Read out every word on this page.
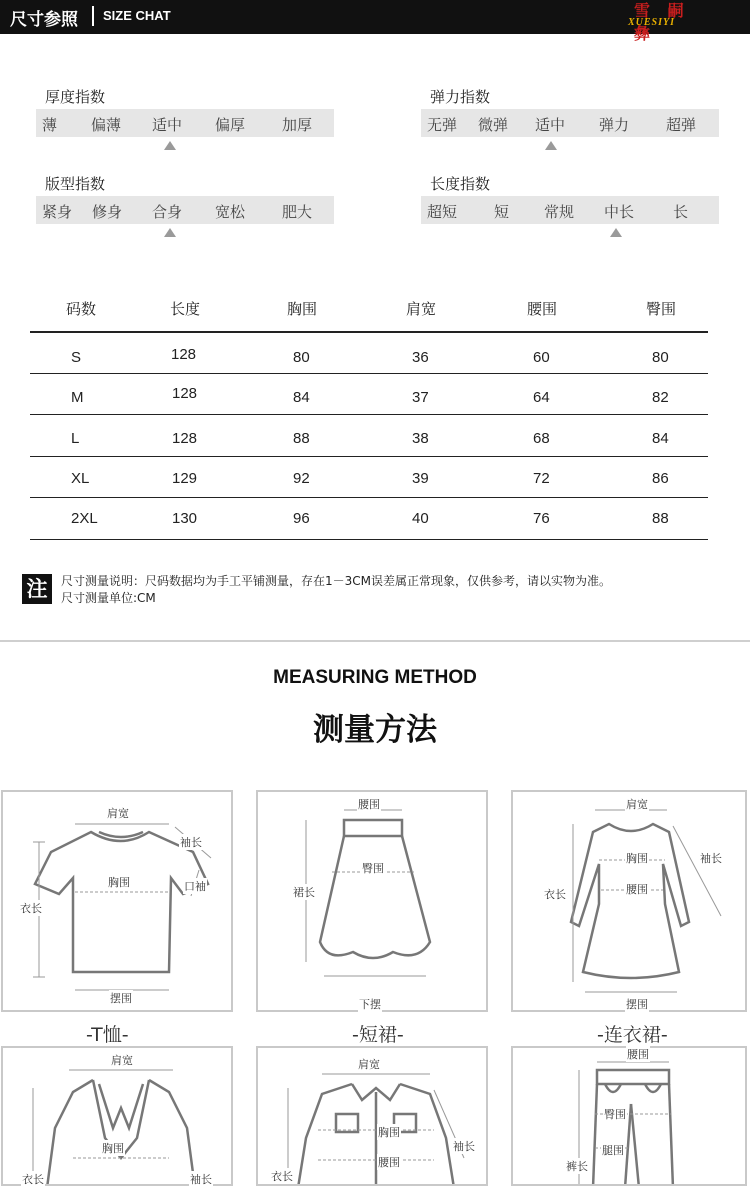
尺寸参照 SIZE CHAT	雪 嗣 彝
XUESIYI
厚度指数
薄 偏薄 适中 偏厚 加厚
弹力指数
无弹 微弹 适中 弹力 超弹
版型指数
紧身 修身 合身 宽松 肥大
长度指数
超短 短 常规 中长	长
码数	长度	胸围	肩宽	腰围	臀围
S	128	80	36	60	80
M	128	84	37	64	82
L	128	88	38	68	84
XL	129	92	39	72	86
2XL	130	96	40	76	88
注	尺寸测量说明：尺码数据均为手工平铺测量，存在1－3CM误差属正常现象，仅供参考，请以实物为准。
尺寸测量单位:CM
MEASURING METHOD
测量方法
肩宽
袖长
口袖
胸围
衣长
摆围
-T恤-
腰围
臀围
裙长
下摆
-短裙-
肩宽
胸围
腰围
衣长
袖长
摆围
-连衣裙-
肩宽
胸围
衣长	袖长
肩宽
胸围
腰围
衣长
袖长
腰围
臀围
腿围
裤长
